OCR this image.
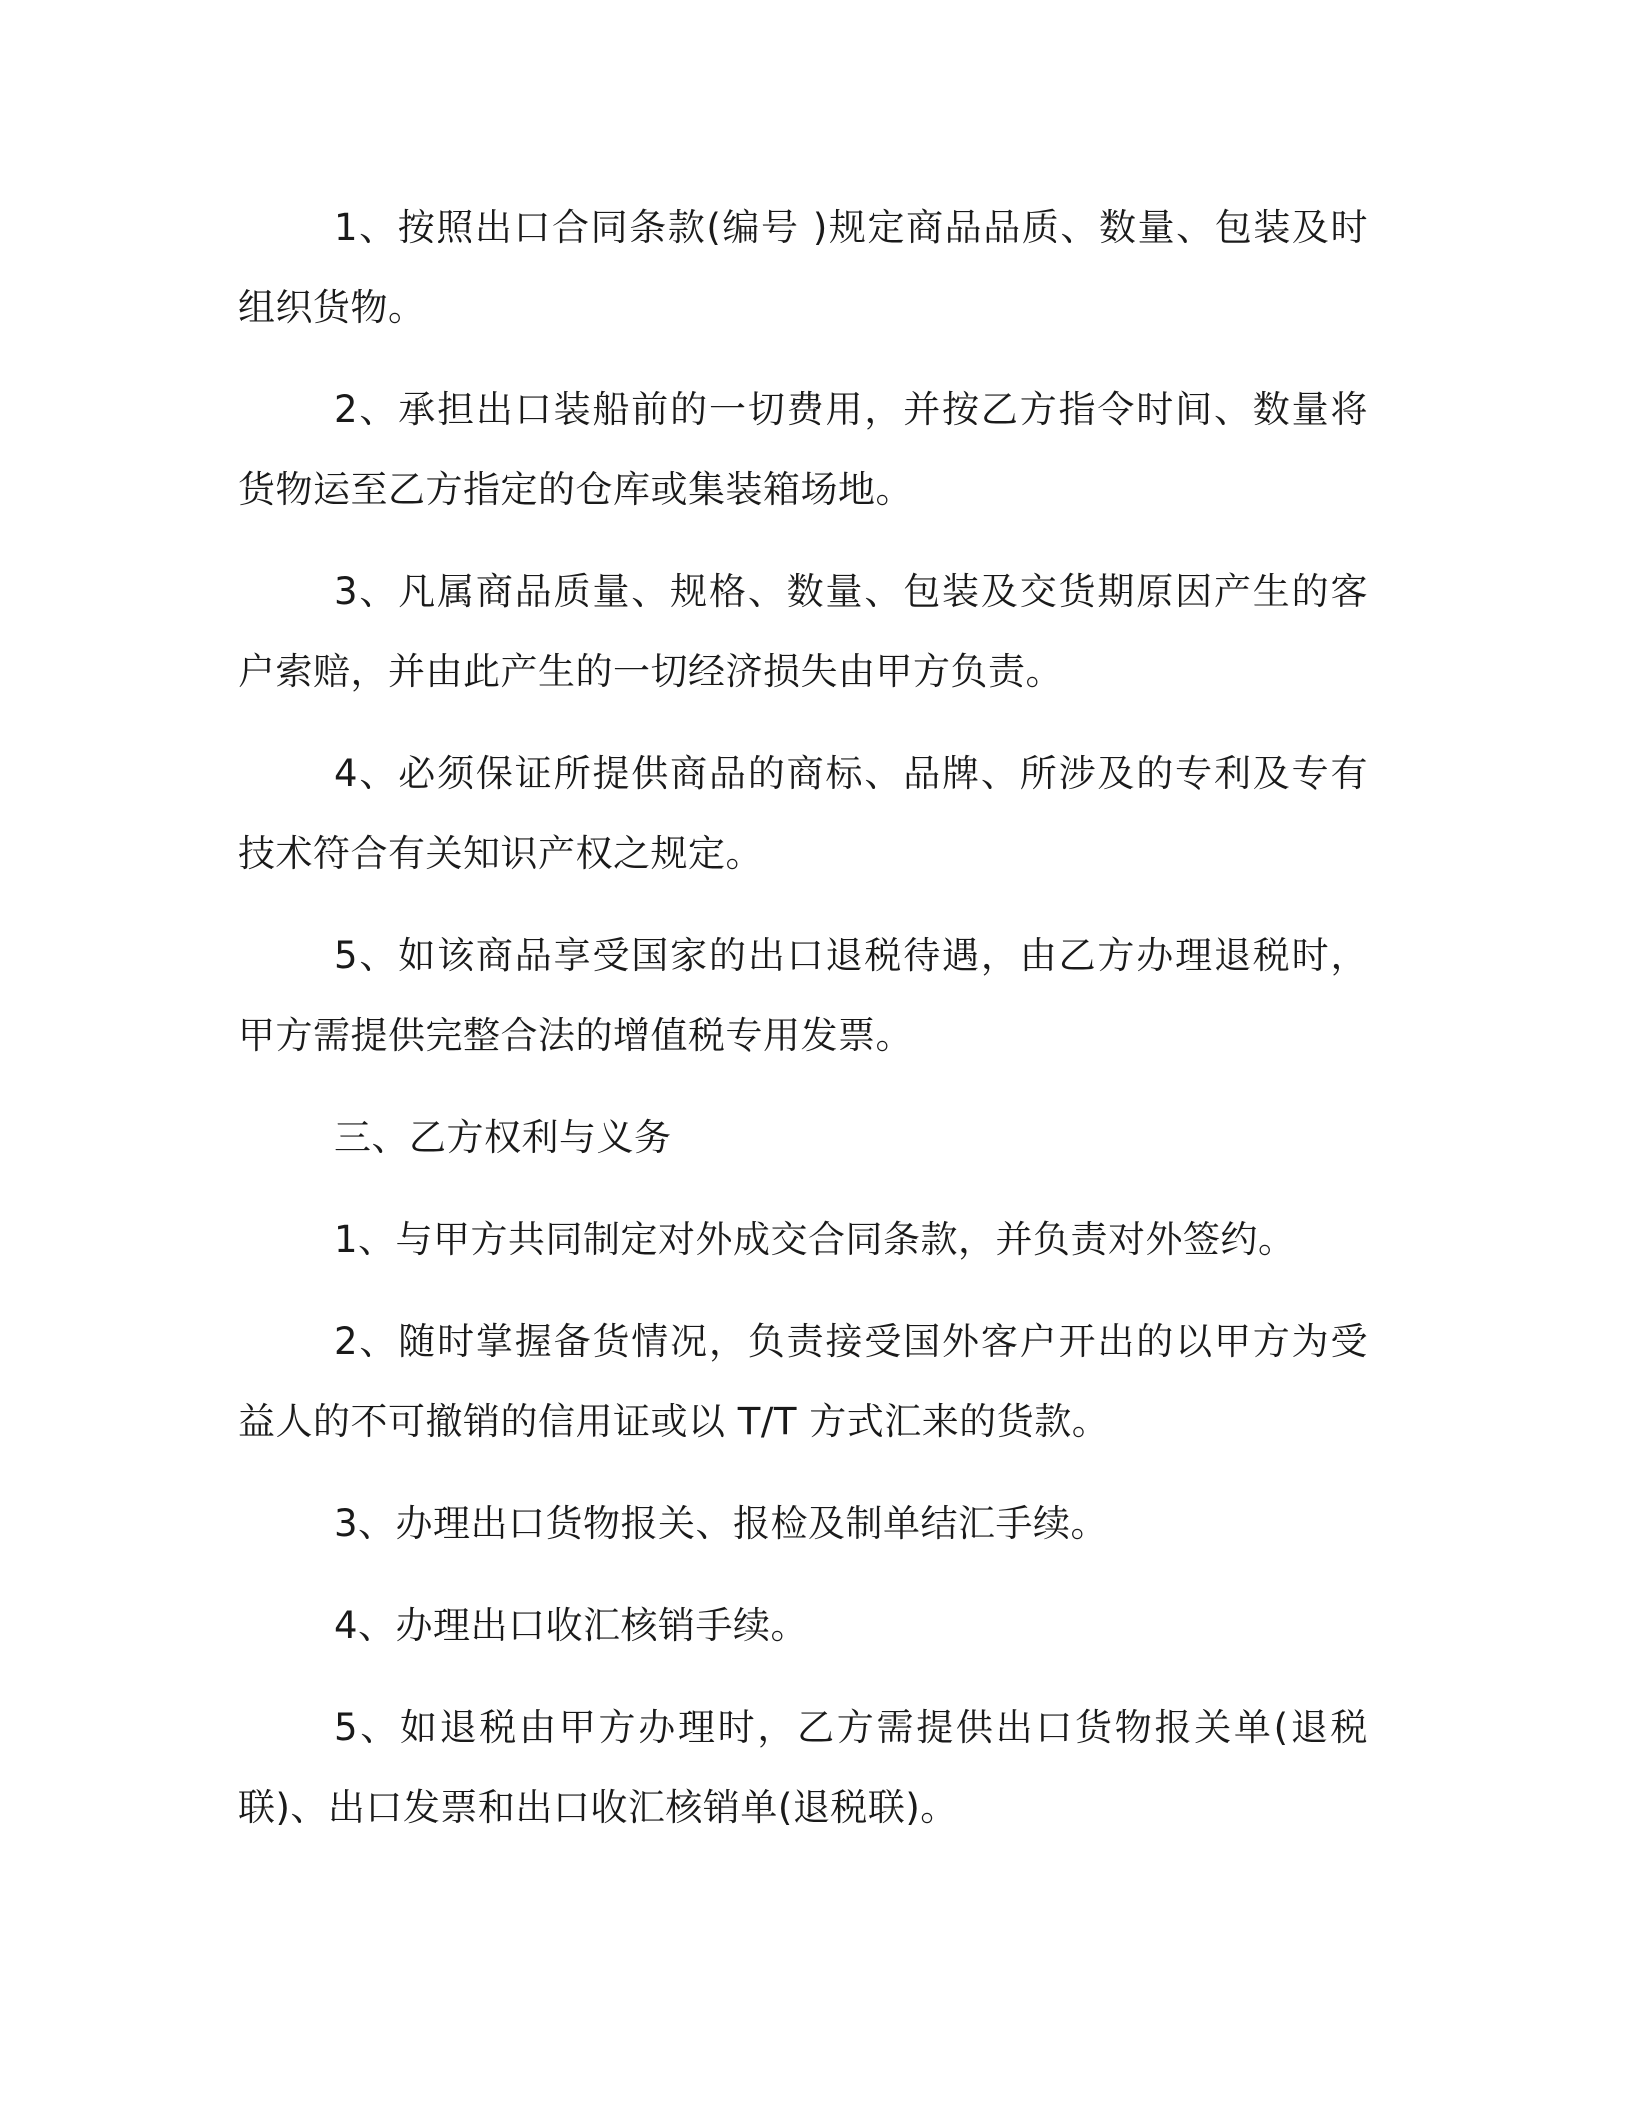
1、按照出口合同条款(编号 )规定商品品质、数量、包装及时组织货物。

2、承担出口装船前的一切费用，并按乙方指令时间、数量将货物运至乙方指定的仓库或集装箱场地。

3、凡属商品质量、规格、数量、包装及交货期原因产生的客户索赔，并由此产生的一切经济损失由甲方负责。

4、必须保证所提供商品的商标、品牌、所涉及的专利及专有技术符合有关知识产权之规定。

5、如该商品享受国家的出口退税待遇，由乙方办理退税时，甲方需提供完整合法的增值税专用发票。

三、乙方权利与义务

1、与甲方共同制定对外成交合同条款，并负责对外签约。

2、随时掌握备货情况，负责接受国外客户开出的以甲方为受益人的不可撤销的信用证或以 T/T 方式汇来的货款。

3、办理出口货物报关、报检及制单结汇手续。

4、办理出口收汇核销手续。

5、如退税由甲方办理时，乙方需提供出口货物报关单(退税联)、出口发票和出口收汇核销单(退税联)。
